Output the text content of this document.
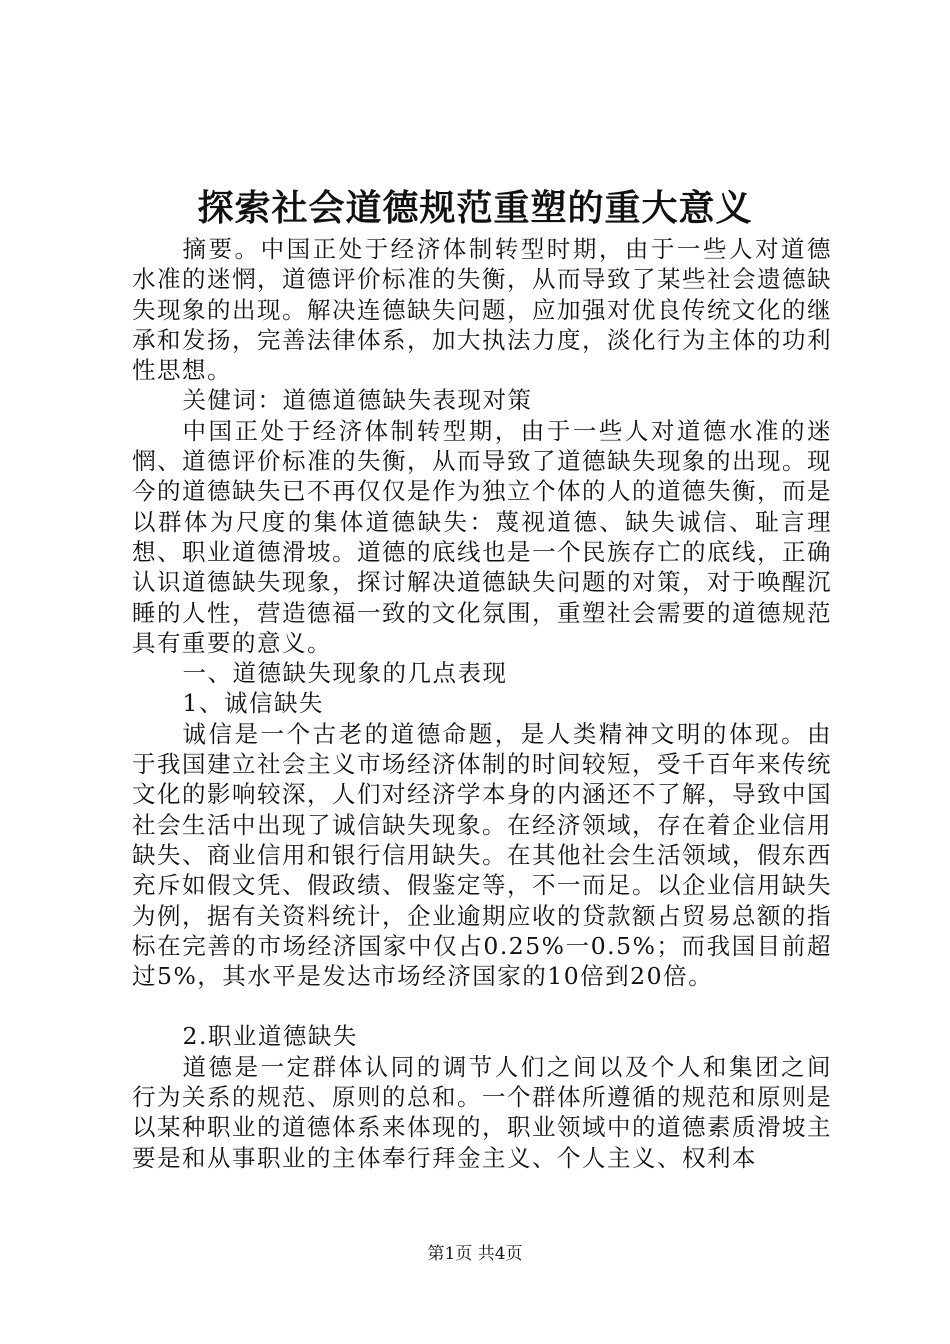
探索社会道德规范重塑的重大意义

摘要。中国正处于经济体制转型时期，由于一些人对道德水准的迷惘，道德评价标准的失衡，从而导致了某些社会遗德缺失现象的出现。解决连德缺失问题，应加强对优良传统文化的继承和发扬，完善法律体系，加大执法力度，淡化行为主体的功利性思想。

关健词：道德道德缺失表现对策

中国正处于经济体制转型期，由于一些人对道德水准的迷惘、道德评价标准的失衡，从而导致了道德缺失现象的出现。现今的道德缺失已不再仅仅是作为独立个体的人的道德失衡，而是以群体为尺度的集体道德缺失：蔑视道德、缺失诚信、耻言理想、职业道德滑坡。道德的底线也是一个民族存亡的底线，正确认识道德缺失现象，探讨解决道德缺失问题的对策，对于唤醒沉睡的人性，营造德福一致的文化氛围，重塑社会需要的道德规范具有重要的意义。

一、道德缺失现象的几点表现

1、诚信缺失

诚信是一个古老的道德命题，是人类精神文明的体现。由于我国建立社会主义市场经济体制的时间较短，受千百年来传统文化的影响较深，人们对经济学本身的内涵还不了解，导致中国社会生活中出现了诚信缺失现象。在经济领域，存在着企业信用缺失、商业信用和银行信用缺失。在其他社会生活领域，假东西充斥如假文凭、假政绩、假鉴定等，不一而足。以企业信用缺失为例，据有关资料统计，企业逾期应收的贷款额占贸易总额的指标在完善的市场经济国家中仅占0.25%一0.5%；而我国目前超过5%，其水平是发达市场经济国家的10倍到20倍。

2.职业道德缺失

道德是一定群体认同的调节人们之间以及个人和集团之间行为关系的规范、原则的总和。一个群体所遵循的规范和原则是以某种职业的道德体系来体现的，职业领域中的道德素质滑坡主要是和从事职业的主体奉行拜金主义、个人主义、权利本

第1页 共4页
